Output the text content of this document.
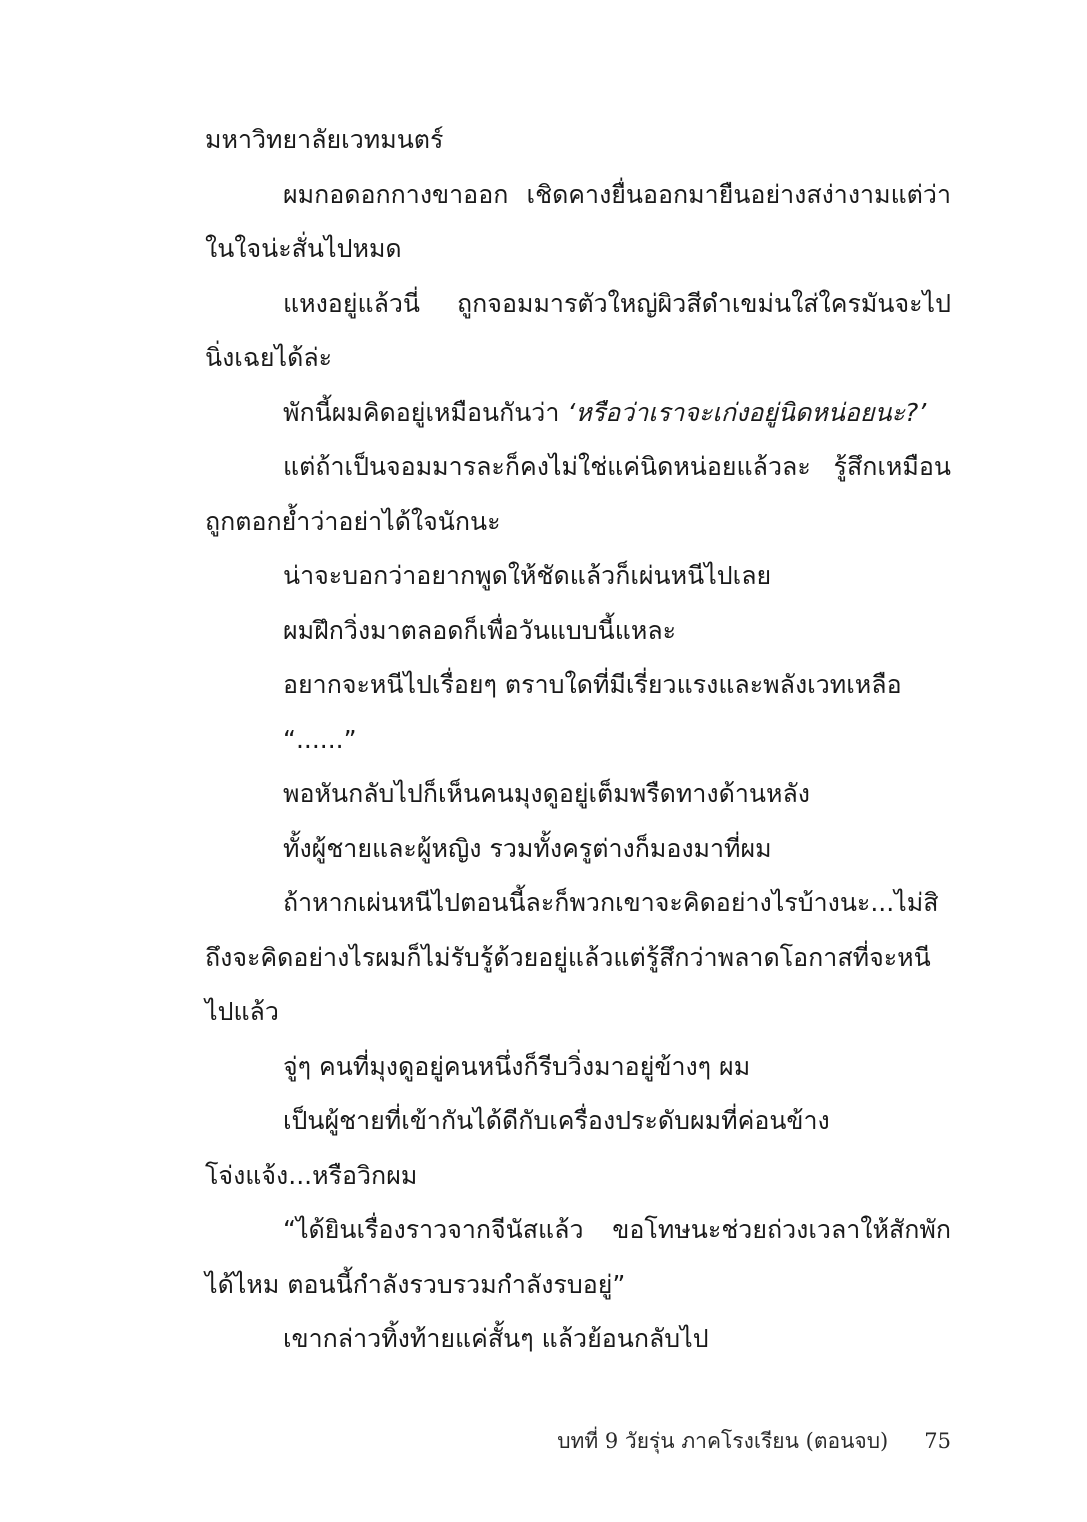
มหาวิทยาลัยเวทมนตร์

ผมกอดอกกางขาออก เชิดคางยื่นออกมายืนอย่างสง่างามแต่ว่าในใจน่ะสั่นไปหมด

แหงอยู่แล้วนี่ ถูกจอมมารตัวใหญ่ผิวสีดำเขม่นใส่ใครมันจะไปนิ่งเฉยได้ล่ะ

พักนี้ผมคิดอยู่เหมือนกันว่า ‘หรือว่าเราจะเก่งอยู่นิดหน่อยนะ?’

แต่ถ้าเป็นจอมมารละก็คงไม่ใช่แค่นิดหน่อยแล้วละ รู้สึกเหมือนถูกตอกย้ำว่าอย่าได้ใจนักนะ

น่าจะบอกว่าอยากพูดให้ชัดแล้วก็เผ่นหนีไปเลย

ผมฝึกวิ่งมาตลอดก็เพื่อวันแบบนี้แหละ

อยากจะหนีไปเรื่อยๆ ตราบใดที่มีเรี่ยวแรงและพลังเวทเหลือ

“......”

พอหันกลับไปก็เห็นคนมุงดูอยู่เต็มพรืดทางด้านหลัง

ทั้งผู้ชายและผู้หญิง รวมทั้งครูต่างก็มองมาที่ผม

ถ้าหากเผ่นหนีไปตอนนี้ละก็พวกเขาจะคิดอย่างไรบ้างนะ...ไม่สิ ถึงจะคิดอย่างไรผมก็ไม่รับรู้ด้วยอยู่แล้วแต่รู้สึกว่าพลาดโอกาสที่จะหนีไปแล้ว

จู่ๆ คนที่มุงดูอยู่คนหนึ่งก็รีบวิ่งมาอยู่ข้างๆ ผม

เป็นผู้ชายที่เข้ากันได้ดีกับเครื่องประดับผมที่ค่อนข้างโจ่งแจ้ง...หรือวิกผม

“ได้ยินเรื่องราวจากจีนัสแล้ว ขอโทษนะช่วยถ่วงเวลาให้สักพักได้ไหม ตอนนี้กำลังรวบรวมกำลังรบอยู่”

เขากล่าวทิ้งท้ายแค่สั้นๆ แล้วย้อนกลับไป

บทที่ 9 วัยรุ่น ภาคโรงเรียน (ตอนจบ) 75
